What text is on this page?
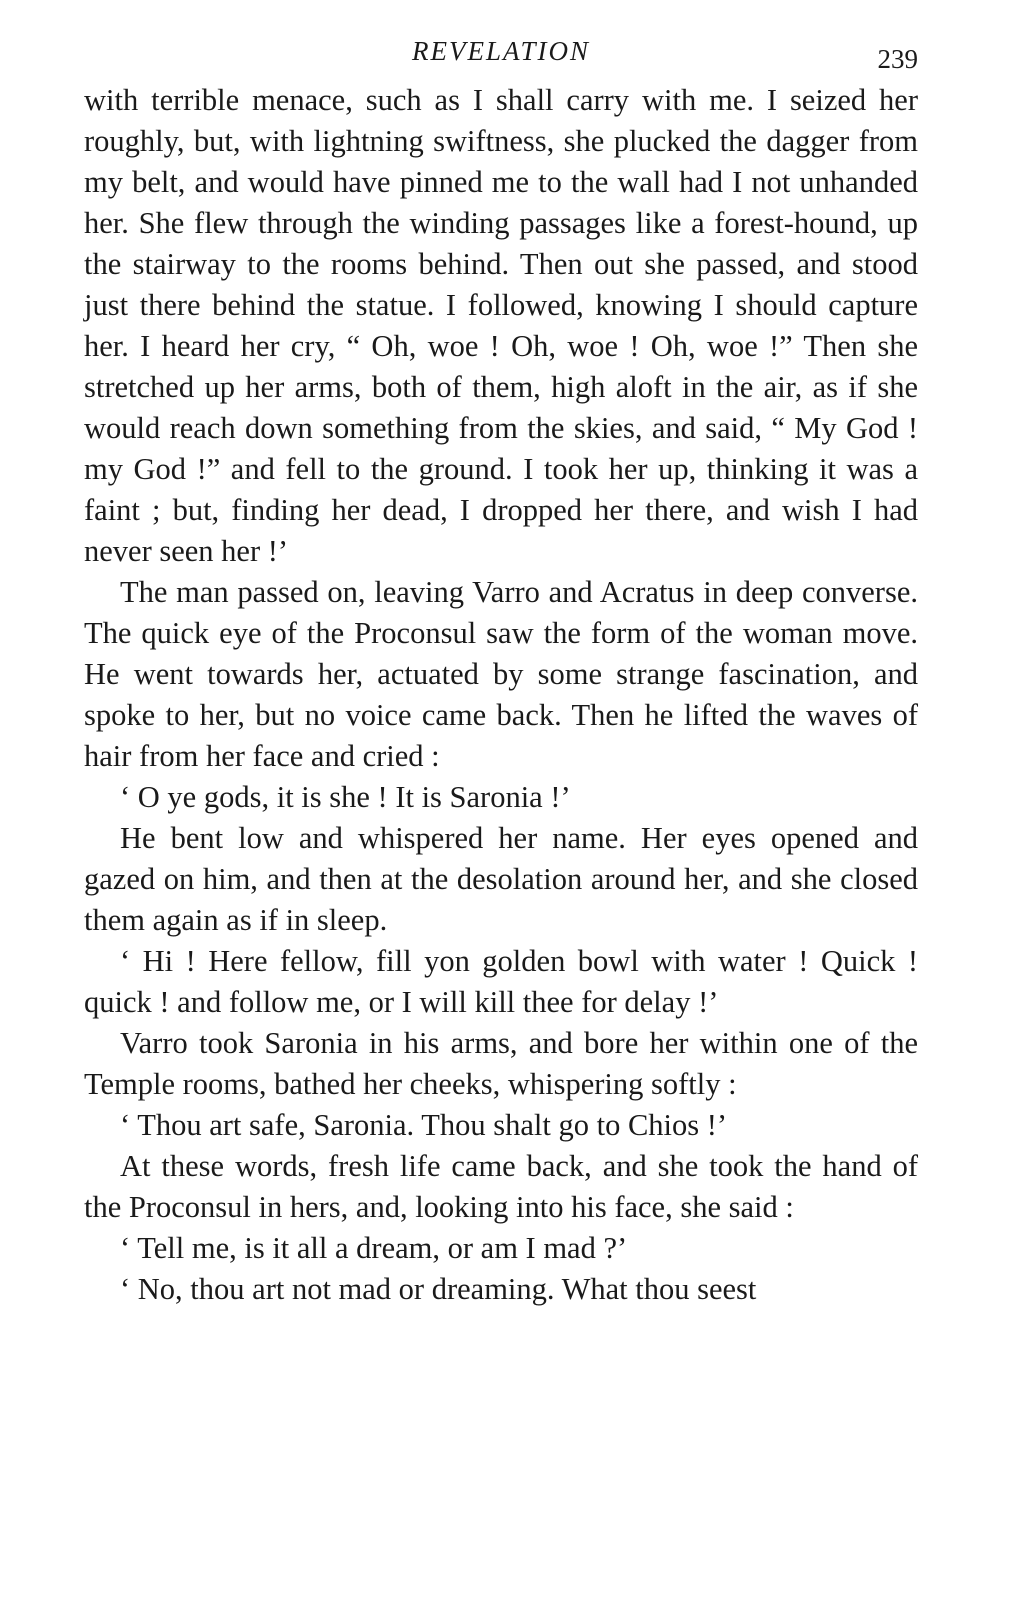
REVELATION	239

with terrible menace, such as I shall carry with me. I seized her roughly, but, with lightning swiftness, she plucked the dagger from my belt, and would have pinned me to the wall had I not unhanded her. She flew through the winding passages like a forest-hound, up the stairway to the rooms behind. Then out she passed, and stood just there behind the statue. I followed, knowing I should capture her. I heard her cry, “ Oh, woe ! Oh, woe ! Oh, woe !” Then she stretched up her arms, both of them, high aloft in the air, as if she would reach down something from the skies, and said, “ My God ! my God !” and fell to the ground. I took her up, thinking it was a faint ; but, finding her dead, I dropped her there, and wish I had never seen her !’

The man passed on, leaving Varro and Acratus in deep converse. The quick eye of the Proconsul saw the form of the woman move. He went towards her, actuated by some strange fascination, and spoke to her, but no voice came back. Then he lifted the waves of hair from her face and cried :

‘ O ye gods, it is she ! It is Saronia !’

He bent low and whispered her name. Her eyes opened and gazed on him, and then at the desolation around her, and she closed them again as if in sleep.

‘ Hi ! Here fellow, fill yon golden bowl with water ! Quick ! quick ! and follow me, or I will kill thee for delay !’

Varro took Saronia in his arms, and bore her within one of the Temple rooms, bathed her cheeks, whispering softly :

‘ Thou art safe, Saronia. Thou shalt go to Chios !’

At these words, fresh life came back, and she took the hand of the Proconsul in hers, and, looking into his face, she said :

‘ Tell me, is it all a dream, or am I mad ?’

‘ No, thou art not mad or dreaming. What thou seest
